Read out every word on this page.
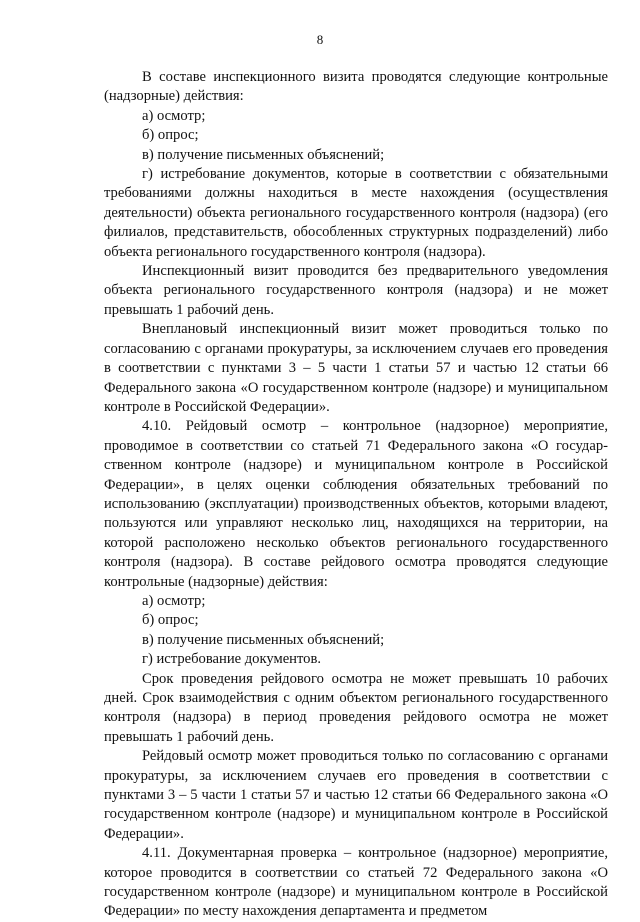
8

В составе инспекционного визита проводятся следующие контрольные (надзорные) действия:

а) осмотр;

б) опрос;

в) получение письменных объяснений;

г) истребование документов, которые в соответствии с обязательными требованиями должны находиться в месте нахождения (осуществления деятельности) объекта регионального государственного контроля (надзора) (его филиалов, представительств, обособленных структурных подразделений) либо объекта регионального государственного контроля (надзора).

Инспекционный визит проводится без предварительного уведомления объекта регионального государственного контроля (надзора) и не может превышать 1 рабочий день.

Внеплановый инспекционный визит может проводиться только по согласованию с органами прокуратуры, за исключением случаев его проведения в соответствии с пунктами 3 – 5 части 1 статьи 57 и частью 12 статьи 66 Федерального закона «О государственном контроле (надзоре) и муниципальном контроле в Российской Федерации».

4.10. Рейдовый осмотр – контрольное (надзорное) мероприятие, проводимое в соответствии со статьей 71 Федерального закона «О государственном контроле (надзоре) и муниципальном контроле в Российской Федерации», в целях оценки соблюдения обязательных требований по использованию (эксплуатации) производственных объектов, которыми владеют, пользуются или управляют несколько лиц, находящихся на территории, на которой расположено несколько объектов регионального государственного контроля (надзора). В составе рейдового осмотра проводятся следующие контрольные (надзорные) действия:

а) осмотр;

б) опрос;

в) получение письменных объяснений;

г) истребование документов.

Срок проведения рейдового осмотра не может превышать 10 рабочих дней. Срок взаимодействия с одним объектом регионального государственного контроля (надзора) в период проведения рейдового осмотра не может превышать 1 рабочий день.

Рейдовый осмотр может проводиться только по согласованию с органами прокуратуры, за исключением случаев его проведения в соответствии с пунктами 3 – 5 части 1 статьи 57 и частью 12 статьи 66 Федерального закона «О государственном контроле (надзоре) и муниципальном контроле в Российской Федерации».

4.11. Документарная проверка – контрольное (надзорное) мероприятие, которое проводится в соответствии со статьей 72 Федерального закона «О государственном контроле (надзоре) и муниципальном контроле в Российской Федерации» по месту нахождения департамента и предметом
